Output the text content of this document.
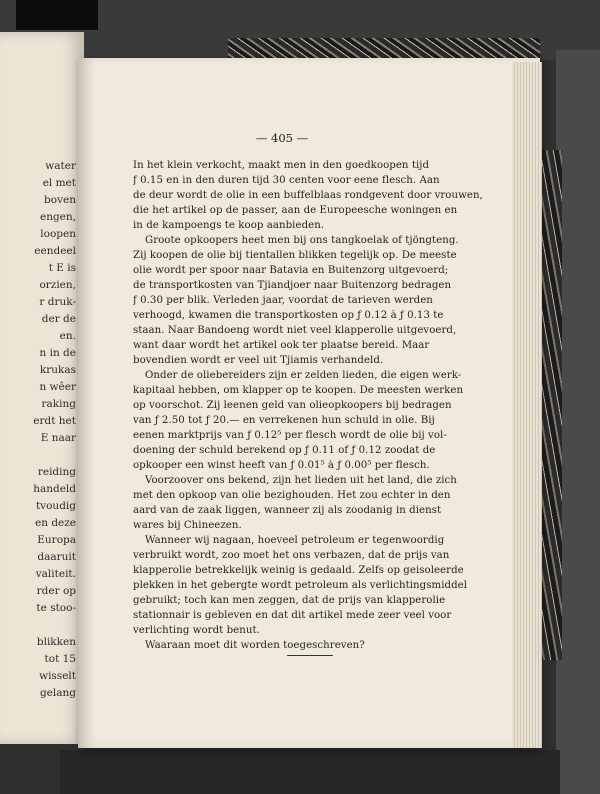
water
el met
boven
engen,
loopen
eendeel
t E is
orzien,
r druk-
der de
en.
n in de
krukas
n wêer
raking
erdt het
E naar
reiding
handeld
tvoudig
en deze
Europa
daaruit
valiteit.
rder op
te stoo-
blikken
tot 15
wisselt
gelang
— 405 —
In het klein verkocht, maakt men in den goedkoopen tijd
ƒ 0.15 en in den duren tijd 30 centen voor eene flesch. Aan
de deur wordt de olie in een buffelblaas rondgevent door vrouwen,
die het artikel op de passer, aan de Europeesche woningen en
in de kampoengs te koop aanbieden.
Groote opkoopers heet men bij ons tangkoelak of tjöngteng.
Zij koopen de olie bij tientallen blikken tegelijk op. De meeste
olie wordt per spoor naar Batavia en Buitenzorg uitgevoerd;
de transportkosten van Tjiandjoer naar Buitenzorg bedragen
ƒ 0.30 per blik. Verleden jaar, voordat de tarieven werden
verhoogd, kwamen die transportkosten op ƒ 0.12 à ƒ 0.13 te
staan. Naar Bandoeng wordt niet veel klapperolie uitgevoerd,
want daar wordt het artikel ook ter plaatse bereid. Maar
bovendien wordt er veel uit Tjiamis verhandeld.
Onder de oliebereiders zijn er zelden lieden, die eigen werk-
kapitaal hebben, om klapper op te koopen. De meesten werken
op voorschot. Zij leenen geld van olieopkoopers bij bedragen
van ƒ 2.50 tot ƒ 20.— en verrekenen hun schuld in olie. Bij
eenen marktprijs van ƒ 0.12⁵ per flesch wordt de olie bij vol-
doening der schuld berekend op ƒ 0.11 of ƒ 0.12 zoodat de
opkooper een winst heeft van ƒ 0.01⁵ à ƒ 0.00⁵ per flesch.
Voorzoover ons bekend, zijn het lieden uit het land, die zich
met den opkoop van olie bezighouden. Het zou echter in den
aard van de zaak liggen, wanneer zij als zoodanig in dienst
wares bij Chineezen.
Wanneer wij nagaan, hoeveel petroleum er tegenwoordig
verbruikt wordt, zoo moet het ons verbazen, dat de prijs van
klapperolie betrekkelijk weinig is gedaald. Zelfs op geisoleerde
plekken in het gebergte wordt petroleum als verlichtingsmiddel
gebruikt; toch kan men zeggen, dat de prijs van klapperolie
stationnair is gebleven en dat dit artikel mede zeer veel voor
verlichting wordt benut.
Waaraan moet dit worden toegeschreven?
